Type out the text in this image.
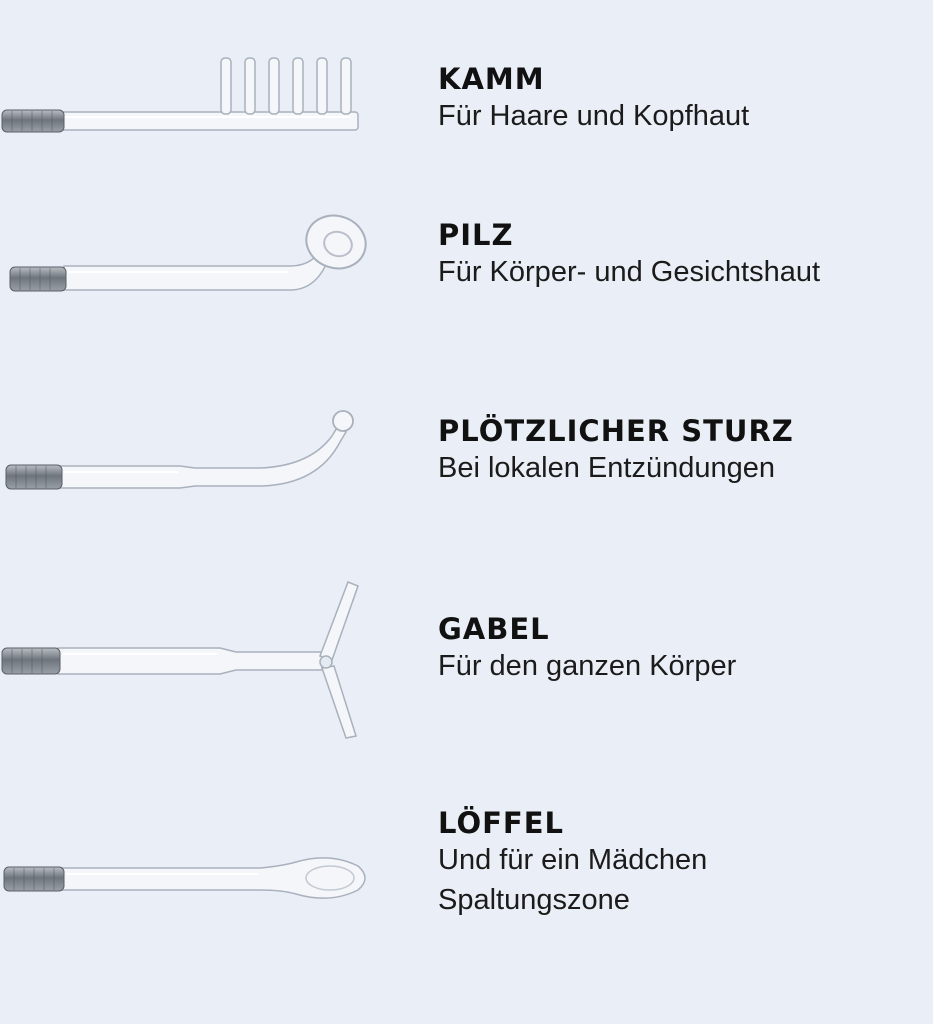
KAMM
Für Haare und Kopfhaut
PILZ
Für Körper- und Gesichtshaut
PLÖTZLICHER STURZ
Bei lokalen Entzündungen
GABEL
Für den ganzen Körper
LÖFFEL
Und für ein Mädchen
Spaltungszone
